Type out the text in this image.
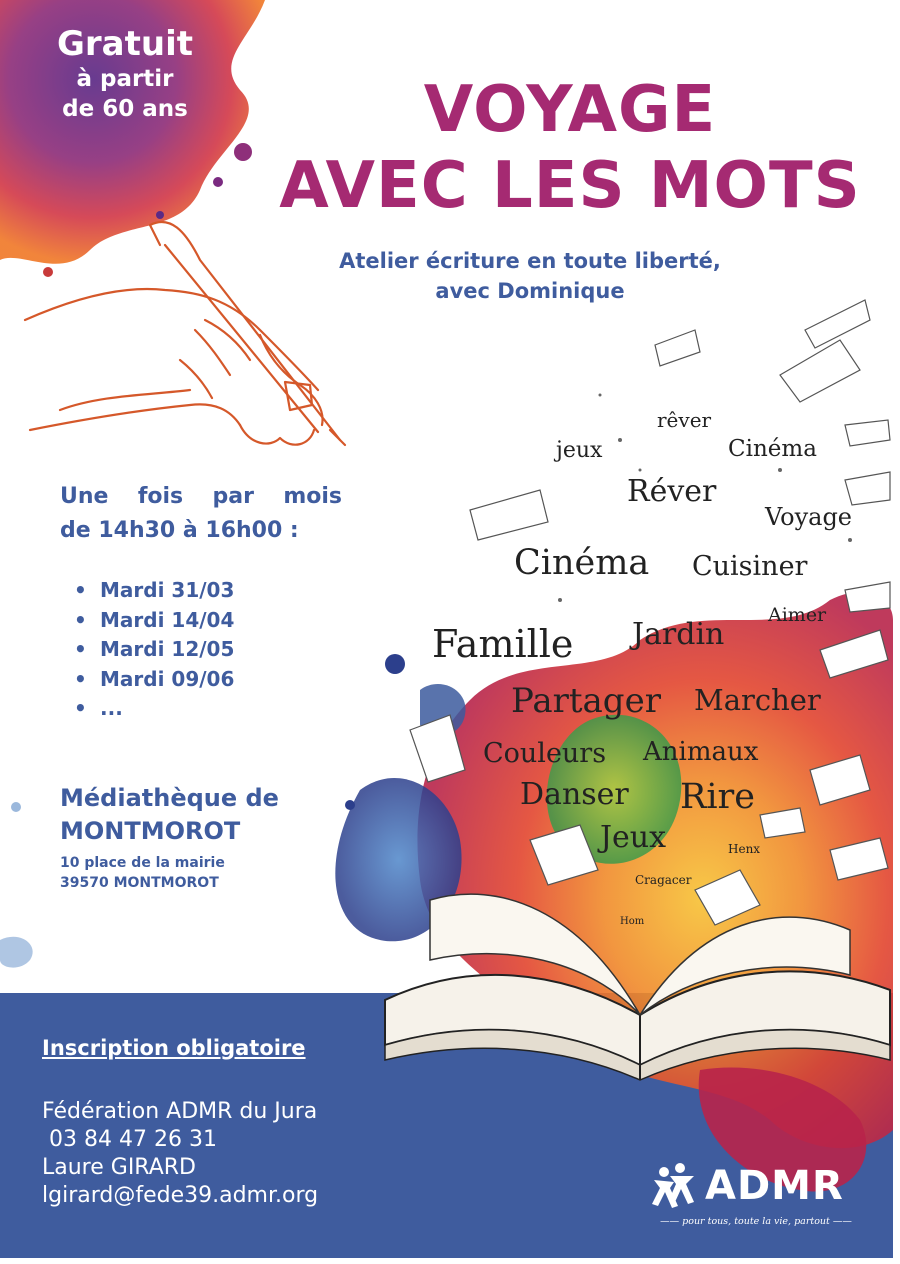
rêver
jeux	Cinéma
Réver
Voyage
Cinéma Cuisiner
Aimer
Famille Jardin
Partager Marcher
Couleurs Animaux
Danser Rire
Jeux	Henx
Cragacer
Hom
Gratuit
à partir
de 60 ans	VOYAGE
AVEC LES MOTS
Atelier écriture en toute liberté,
avec Dominique
Une fois par mois
de 14h30 à 16h00 :
• Mardi 31/03
• Mardi 14/04
• Mardi 12/05
• Mardi 09/06
• ...
Médiathèque de
MONTMOROT
10 place de la mairie
39570 MONTMOROT
Inscription obligatoire
Fédération ADMR du Jura
03 84 47 26 31
Laure GIRARD
lgirard@fede39.admr.org	ADMR
—— pour tous, toute la vie, partout ——
